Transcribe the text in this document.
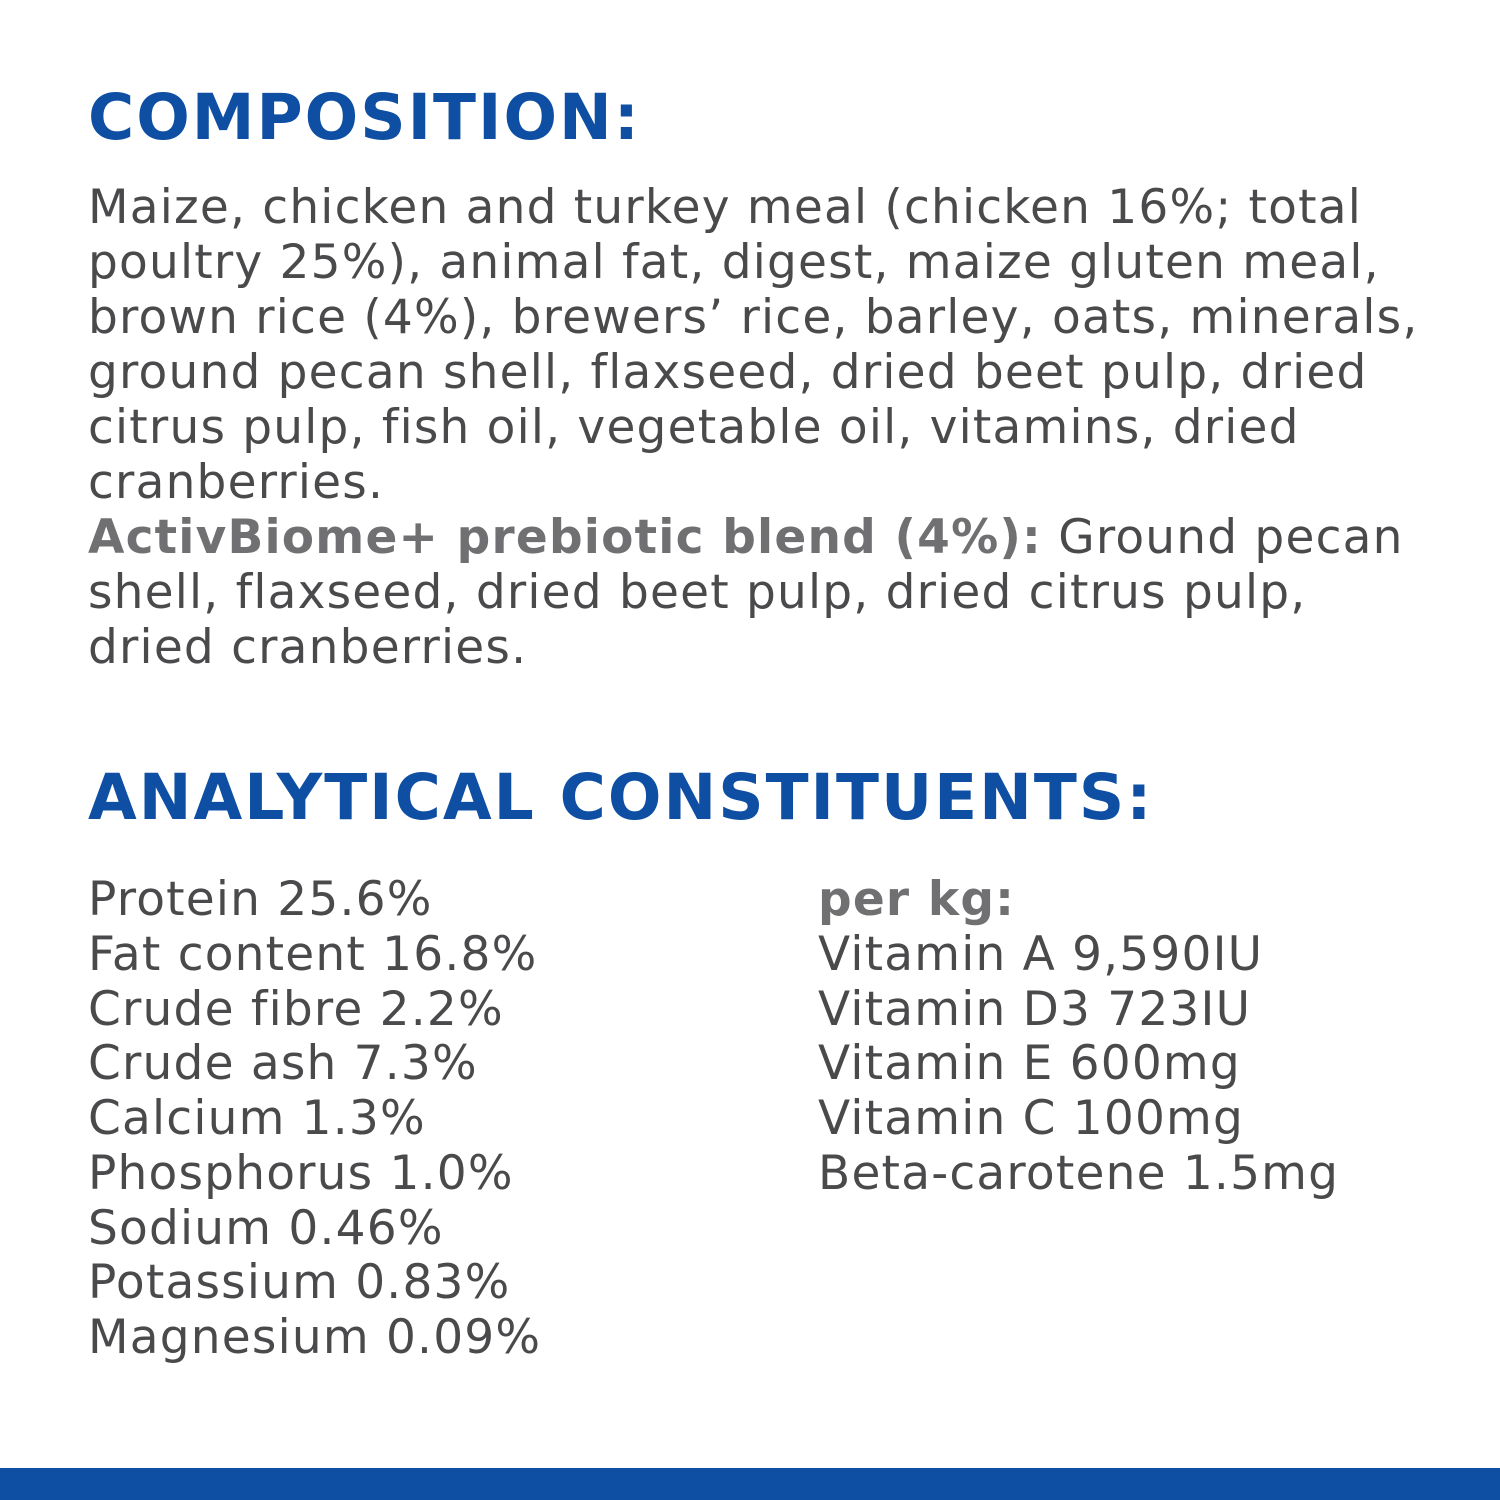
COMPOSITION:

Maize, chicken and turkey meal (chicken 16%; total poultry 25%), animal fat, digest, maize gluten meal, brown rice (4%), brewers’ rice, barley, oats, minerals, ground pecan shell, flaxseed, dried beet pulp, dried citrus pulp, fish oil, vegetable oil, vitamins, dried cranberries.
ActivBiome+ prebiotic blend (4%): Ground pecan shell, flaxseed, dried beet pulp, dried citrus pulp, dried cranberries.

ANALYTICAL CONSTITUENTS:
Protein 25.6%
Fat content 16.8%
Crude fibre 2.2%
Crude ash 7.3%
Calcium 1.3%
Phosphorus 1.0%
Sodium 0.46%
Potassium 0.83%
Magnesium 0.09%
per kg:
Vitamin A 9,590IU
Vitamin D3 723IU
Vitamin E 600mg
Vitamin C 100mg
Beta-carotene 1.5mg
